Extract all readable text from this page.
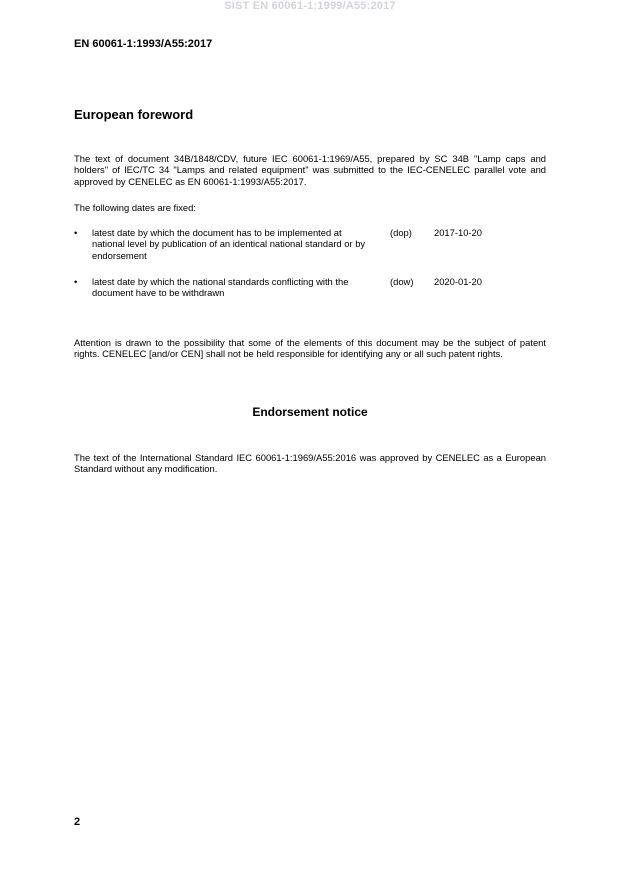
SIST EN 60061-1:1999/A55:2017
EN 60061-1:1993/A55:2017
European foreword
The text of document 34B/1848/CDV, future IEC 60061-1:1969/A55, prepared by SC 34B "Lamp caps and holders" of IEC/TC 34 "Lamps and related equipment" was submitted to the IEC-CENELEC parallel vote and approved by CENELEC as EN 60061-1:1993/A55:2017.
The following dates are fixed:
• latest date by which the document has to be implemented at national level by publication of an identical national standard or by endorsement
(dop)	2017-10-20
• latest date by which the national standards conflicting with the document have to be withdrawn
(dow)	2020-01-20
Attention is drawn to the possibility that some of the elements of this document may be the subject of patent rights. CENELEC [and/or CEN] shall not be held responsible for identifying any or all such patent rights.
Endorsement notice
The text of the International Standard IEC 60061-1:1969/A55:2016 was approved by CENELEC as a European Standard without any modification.
2
